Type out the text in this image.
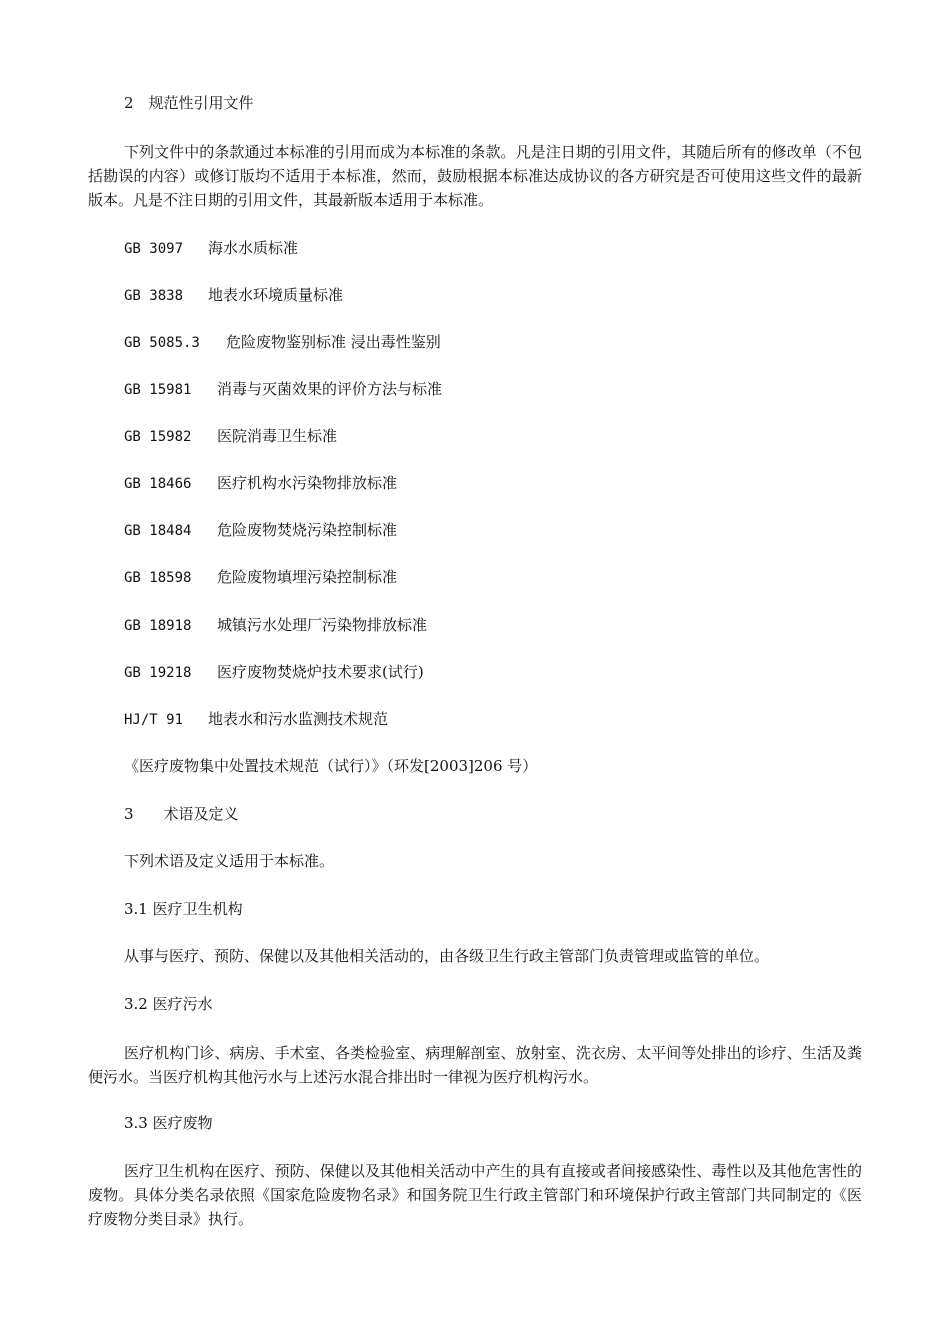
2　规范性引用文件
下列文件中的条款通过本标准的引用而成为本标准的条款。凡是注日期的引用文件，其随后所有的修改单（不包括勘误的内容）或修订版均不适用于本标准，然而，鼓励根据本标准达成协议的各方研究是否可使用这些文件的最新版本。凡是不注日期的引用文件，其最新版本适用于本标准。
GB 3097 海水水质标准
GB 3838 地表水环境质量标准
GB 5085.3 危险废物鉴别标准 浸出毒性鉴别
GB 15981 消毒与灭菌效果的评价方法与标准
GB 15982 医院消毒卫生标准
GB 18466 医疗机构水污染物排放标准
GB 18484 危险废物焚烧污染控制标准
GB 18598 危险废物填埋污染控制标准
GB 18918 城镇污水处理厂污染物排放标准
GB 19218 医疗废物焚烧炉技术要求(试行)
HJ/T 91 地表水和污水监测技术规范
《医疗废物集中处置技术规范（试行）》（环发[2003]206 号）
3　　术语及定义
下列术语及定义适用于本标准。
3.1 医疗卫生机构
从事与医疗、预防、保健以及其他相关活动的，由各级卫生行政主管部门负责管理或监管的单位。
3.2 医疗污水
医疗机构门诊、病房、手术室、各类检验室、病理解剖室、放射室、洗衣房、太平间等处排出的诊疗、生活及粪便污水。当医疗机构其他污水与上述污水混合排出时一律视为医疗机构污水。
3.3 医疗废物
医疗卫生机构在医疗、预防、保健以及其他相关活动中产生的具有直接或者间接感染性、毒性以及其他危害性的废物。具体分类名录依照《国家危险废物名录》和国务院卫生行政主管部门和环境保护行政主管部门共同制定的《医疗废物分类目录》执行。
